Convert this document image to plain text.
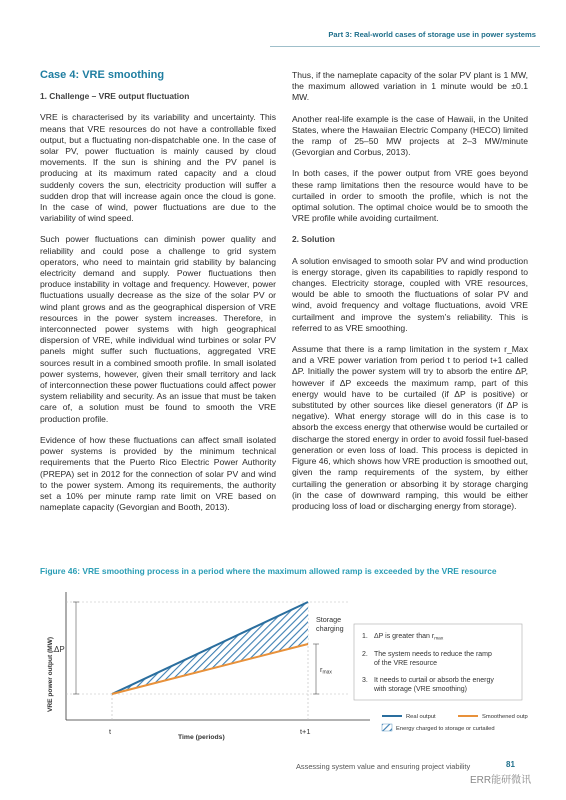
Part 3: Real-world cases of storage use in power systems
Case 4: VRE smoothing
1. Challenge – VRE output fluctuation

VRE is characterised by its variability and uncertainty. This means that VRE resources do not have a controllable fixed output, but a fluctuating non-dispatchable one. In the case of solar PV, power fluctuation is mainly caused by cloud movements. If the sun is shining and the PV panel is producing at its maximum rated capacity and a cloud suddenly covers the sun, electricity production will suffer a sudden drop that will increase again once the cloud is gone. In the case of wind, power fluctuations are due to the variability of wind speed.

Such power fluctuations can diminish power quality and reliability and could pose a challenge to grid system operators, who need to maintain grid stability by balancing electricity demand and supply. Power fluctuations then produce instability in voltage and frequency. However, power fluctuations usually decrease as the size of the solar PV or wind plant grows and as the geographical dispersion of VRE resources in the power system increases. Therefore, in interconnected power systems with high geographical dispersion of VRE, while individual wind turbines or solar PV panels might suffer such fluctuations, aggregated VRE sources result in a combined smooth profile. In small isolated power systems, however, given their small territory and lack of interconnection these power fluctuations could affect power system reliability and security. As an issue that must be taken care of, a solution must be found to smooth the VRE production profile.

Evidence of how these fluctuations can affect small isolated power systems is provided by the minimum technical requirements that the Puerto Rico Electric Power Authority (PREPA) set in 2012 for the connection of solar PV and wind to the power system. Among its requirements, the authority set a 10% per minute ramp rate limit on VRE based on nameplate capacity (Gevorgian and Booth, 2013).

Thus, if the nameplate capacity of the solar PV plant is 1 MW, the maximum allowed variation in 1 minute would be ±0.1 MW.

Another real-life example is the case of Hawaii, in the United States, where the Hawaiian Electric Company (HECO) limited the ramp of 25–50 MW projects at 2–3 MW/minute (Gevorgian and Corbus, 2013).

In both cases, if the power output from VRE goes beyond these ramp limitations then the resource would have to be curtailed in order to smooth the profile, which is not the optimal solution. The optimal choice would be to smooth the VRE profile while avoiding curtailment.

2. Solution

A solution envisaged to smooth solar PV and wind production is energy storage, given its capabilities to rapidly respond to changes. Electricity storage, coupled with VRE resources, would be able to smooth the fluctuations of solar PV and wind, avoid frequency and voltage fluctuations, avoid VRE curtailment and improve the system’s reliability. This is referred to as VRE smoothing.

Assume that there is a ramp limitation in the system r_Max and a VRE power variation from period t to period t+1 called ΔP. Initially the power system will try to absorb the entire ΔP, however if ΔP exceeds the maximum ramp, part of this energy would have to be curtailed (if ΔP is positive) or substituted by other sources like diesel generators (if ΔP is negative). What energy storage will do in this case is to absorb the excess energy that otherwise would be curtailed or discharge the stored energy in order to avoid fossil fuel-based generation or even loss of load. This process is depicted in Figure 46, which shows how VRE production is smoothed out, given the ramp requirements of the system, by either curtailing the generation or absorbing it by storage charging (in the case of downward ramping, this would be either producing loss of load or discharging energy from storage).

Figure 46: VRE smoothing process in a period where the maximum allowed ramp is exceeded by the VRE resource
ΔP
$r_{max}$
Storage
charging
VRE power output (MW)
Time (periods)
t	t+1
1. ΔP is greater than $r_{max}$
2. The system needs to reduce the ramp
of the VRE resource
3. It needs to curtail or absorb the energy
with storage (VRE smoothing)
Real output	Smoothened output
Energy charged to storage or curtailed
Assessing system value and ensuring project viability	81
ERR能研微讯
